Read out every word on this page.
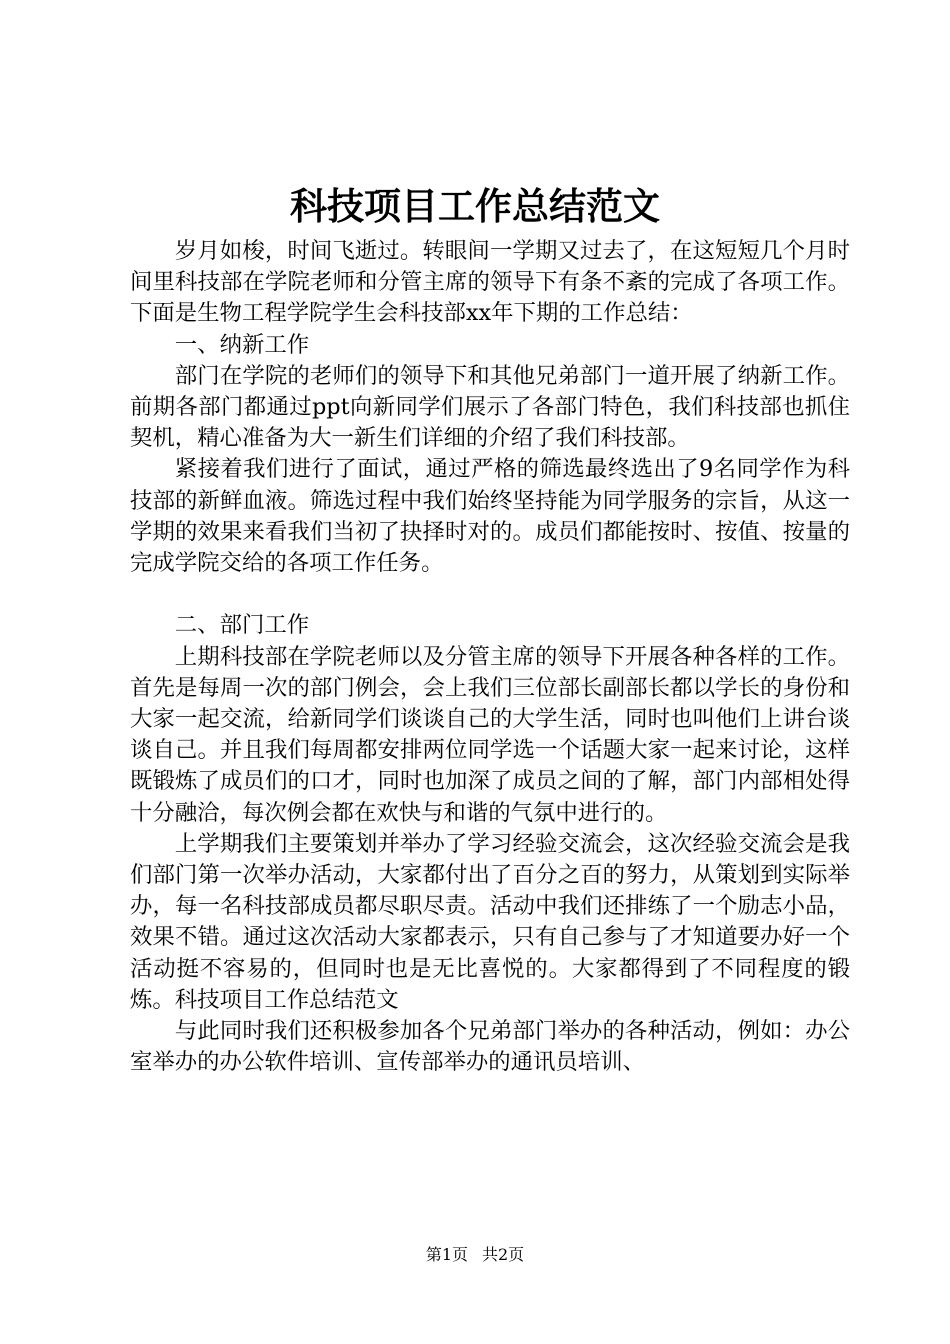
科技项目工作总结范文

岁月如梭，时间飞逝过。转眼间一学期又过去了，在这短短几个月时间里科技部在学院老师和分管主席的领导下有条不紊的完成了各项工作。下面是生物工程学院学生会科技部xx年下期的工作总结：

一、纳新工作

部门在学院的老师们的领导下和其他兄弟部门一道开展了纳新工作。前期各部门都通过ppt向新同学们展示了各部门特色，我们科技部也抓住契机，精心准备为大一新生们详细的介绍了我们科技部。

紧接着我们进行了面试，通过严格的筛选最终选出了9名同学作为科技部的新鲜血液。筛选过程中我们始终坚持能为同学服务的宗旨，从这一学期的效果来看我们当初了抉择时对的。成员们都能按时、按值、按量的完成学院交给的各项工作任务。

二、部门工作

上期科技部在学院老师以及分管主席的领导下开展各种各样的工作。首先是每周一次的部门例会，会上我们三位部长副部长都以学长的身份和大家一起交流，给新同学们谈谈自己的大学生活，同时也叫他们上讲台谈谈自己。并且我们每周都安排两位同学选一个话题大家一起来讨论，这样既锻炼了成员们的口才，同时也加深了成员之间的了解，部门内部相处得十分融洽，每次例会都在欢快与和谐的气氛中进行的。

上学期我们主要策划并举办了学习经验交流会，这次经验交流会是我们部门第一次举办活动，大家都付出了百分之百的努力，从策划到实际举办，每一名科技部成员都尽职尽责。活动中我们还排练了一个励志小品，效果不错。通过这次活动大家都表示，只有自己参与了才知道要办好一个活动挺不容易的，但同时也是无比喜悦的。大家都得到了不同程度的锻炼。科技项目工作总结范文

与此同时我们还积极参加各个兄弟部门举办的各种活动，例如：办公室举办的办公软件培训、宣传部举办的通讯员培训、

第1页 共2页
